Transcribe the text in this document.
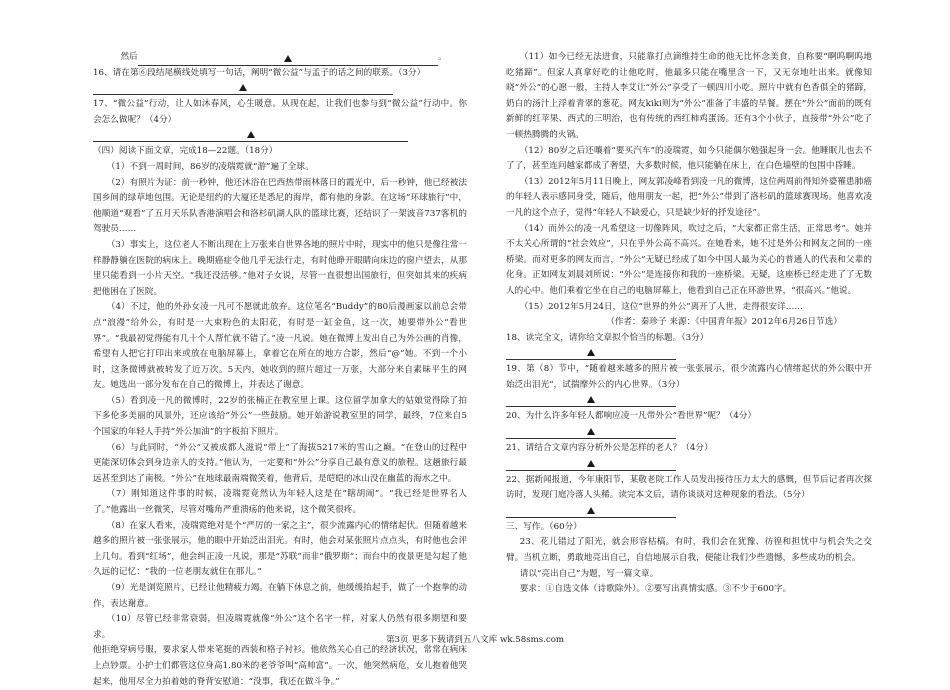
然后	。

16、请在第⑥段结尾横线处填写一句话，阐明“微公益”与孟子的话之间的联系。（3分）

17、“微公益”行动，让人如沐春风，心生暖意。从现在起，让我们也参与到“微公益”行动中。你会怎么做呢？（4分）

（四）阅读下面文章，完成18—22题。（18分）

（1）不到一周时间，86岁的凌瑞霓就“游”遍了全球。

（2）有照片为证：前一秒钟，他还沐浴在巴西热带雨林落日的霞光中，后一秒钟，他已经被法国乡间的绿草地包围。无论是纽约的大厦还是悉尼的海岸，都有他的身影。在这场“环球旅行”中，他顺道“观看”了五月天乐队香港演唱会和洛杉矶湖人队的篮球比赛，还结识了一架波音737客机的驾驶员……

（3）事实上，这位老人不断出现在上万张来自世界各地的照片中时，现实中的他只是像往常一样静静躺在医院的病床上。晚期癌症令他几乎无法行走，有时他睁开眼睛向床边的窗户望去，从那里只能看到一小片天空。“我还没活够。”他对子女说，尽管一直很想出国旅行，但突如其来的疾病把他困在了医院。

（4）不过，他的外孙女凌一凡可不愿就此放弃。这位笔名“Buddy”的80后漫画家以前总会带点“浪漫”给外公，有时是一大束粉色的太阳花，有时是一缸金鱼，这一次，她要带外公“看世界”。“我最初觉得能有几十个人帮忙就不错了。”凌一凡说。她在微博上发出自己为外公画的肖像，希望有人把它打印出来或放在电脑屏幕上，拿着它在所在的地方合影，然后“@”她。不到一个小时，这条微博就被转发了近万次。5天内，她收到的照片超过一万张，大部分来自素昧平生的网友。她选出一部分发布在自己的微博上，并表达了谢意。

（5）看到凌一凡的微博时，22岁的张楠正在教室里上课。这位留学加拿大的姑娘觉得除了拍下多伦多美丽的风景外，还应该给“外公”一些鼓励。她开始游说教室里的同学，最终，7位来自5个国家的年轻人手持“外公加油”的字板拍下照片。

（6）与此同时，“外公”又被成都人滋说“带上”了海拔5217米的雪山之巅。“在登山的过程中更能深切体会到身边亲人的支持。”他认为，一定要和“外公”分享自己最有意义的旅程。这趟旅行最远甚至到达了南极。“外公”在地球最南端微笑着，他背后，是皑皑的冰山没在幽蓝的海水之中。

（7）刚知道这件事的时候，凌瑞霓竟然认为年轻人这是在“瞎胡闹”。“我已经是世界名人了。”他露出一丝微笑，尽管对嘴角严重溃疡的他来说，这个微笑很疼。

（8）在家人看来，凌瑞霓绝对是个“严厉的一家之主”，很少流露内心的情绪起伏。但随着越来越多的照片被一张张展示，他的眼中开始泛出泪光。有时，他会对某张照片点点头，有时他也会评上几句。看到“红场”，他会纠正凌一凡说，那是“苏联”而非“俄罗斯”；而台中的夜景更是勾起了他久远的记忆：“我的一位老朋友就住在那儿。”

（9）光是浏览照片，已经让他精疲力竭。在躺下休息之前，他缓缓抬起手，做了一个抱拳的动作，表达谢意。

（10）尽管已经非常衰弱，但凌瑞霓就像“外公”这个名字一样，对家人仍然有很多期望和要求。

他拒绝穿病号服，要求家人带来笔挺的西装和格子衬衫。他依然关心自己的经济状况，常常在病床上点钞票。小护士们都管这位身高1.80米的老爷爷叫“高帅富”。一次，他突然病危，女儿抱着他哭起来，他用尽全力拍着她的脊背安慰道：“没事，我还在做斗争。”

（11）如今已经无法进食，只能靠打点滴维持生命的他无比怀念美食，自称要“啊呜啊呜地吃猪蹄”。但家人真拿好吃的让他吃时，他最多只能在嘴里含一下，又无奈地吐出来。就像知晓“外公”的心愿一般，主持人李艾让“外公”享受了一顿四川小吃。照片中就有色香俱全的猪蹄，奶白的汤汁上浮着青翠的葱花。网友kiki则为“外公”准备了丰盛的早餐。摆在“外公”面前的既有新鲜的红苹果、西式的三明治，也有传统的西红柿鸡蛋汤。还有3个小伙子，直接带“外公”吃了一顿热腾腾的火锅。

（12）80岁之后还嚷着“要买汽车”的凌瑞霓，如今只能偶尔勉强起身一会。他睡眠儿也去不了了，甚至连问越家都成了奢望，大多数时候，他只能躺在床上，在白色墙壁的包围中昏睡。

（13）2012年5月11日晚上，网友郭凌峰看到凌一凡的微博，这位两周前得知外婆罹患肺癌的年轻人表示感同身受，随后，他用朋友一起，把“外公”带到了洛杉矶的篮球赛现场。他喜欢凌一凡的这个点子，觉得“年轻人不缺爱心，只是缺少好的抒发途径”。

（14）而外公的凌一凡希望这一切像阵风，吹过之后，“大家都正常生活，正常思考”。她并不太关心所谓的“社会效应”，只在乎外公高不高兴。在她看来，她不过是外公和网友之间的一座桥梁。而对更多的网友而言，“外公”无疑已经成了如今中国人最为关心的普通人的代表和父辈的化身。正如网友刘晨刘所说：“外公”是连接你和我的一座桥梁。无疑，这座桥已经走进了了无数人的心中。他们乘着它坐在自己的电脑屏幕上，他看到自己正在环游世界，“很高兴。”他说。

（15）2012年5月24日，这位“世界的外公”离开了人世，走得很安详……

（作者：秦珍子 来源：《中国青年报》2012年6月26日节选）

18、读完全文，请你给文章拟个恰当的标题。（3分）

19、第（8）节中，“随着越来越多的照片被一张张展示，很少流露内心情绪起伏的外公眼中开始泛出泪光”，试揣摩外公的内心世界。（3分）

20、为什么许多年轻人都响应凌一凡带外公“看世界”呢？（4分）

21、请结合文章内容分析外公是怎样的老人？（4分）

22、据新闻报道，今年康阳节，某敬老院工作人员发出接待压力太大的感慨，但节后记者再次探访时，发现门庭冷落人头稀。读完本文后，请你谈谈对这种现象的看法。（5分）

三、写作。（60分）

23、花儿错过了阳光，就会形容枯槁。有时，我们会在犹豫、彷徨和担忧中与机会失之交臂。当机立断，勇敢地亮出自己，自信地展示自我，便能让我们少些遗憾，多些成功的机会。

请以“亮出自己”为题，写一篇文章。

要求：①自选文体（诗歌除外）。②要写出真情实感。③不少于600字。

第3页 更多下载请到五八文库 wk.58sms.com
